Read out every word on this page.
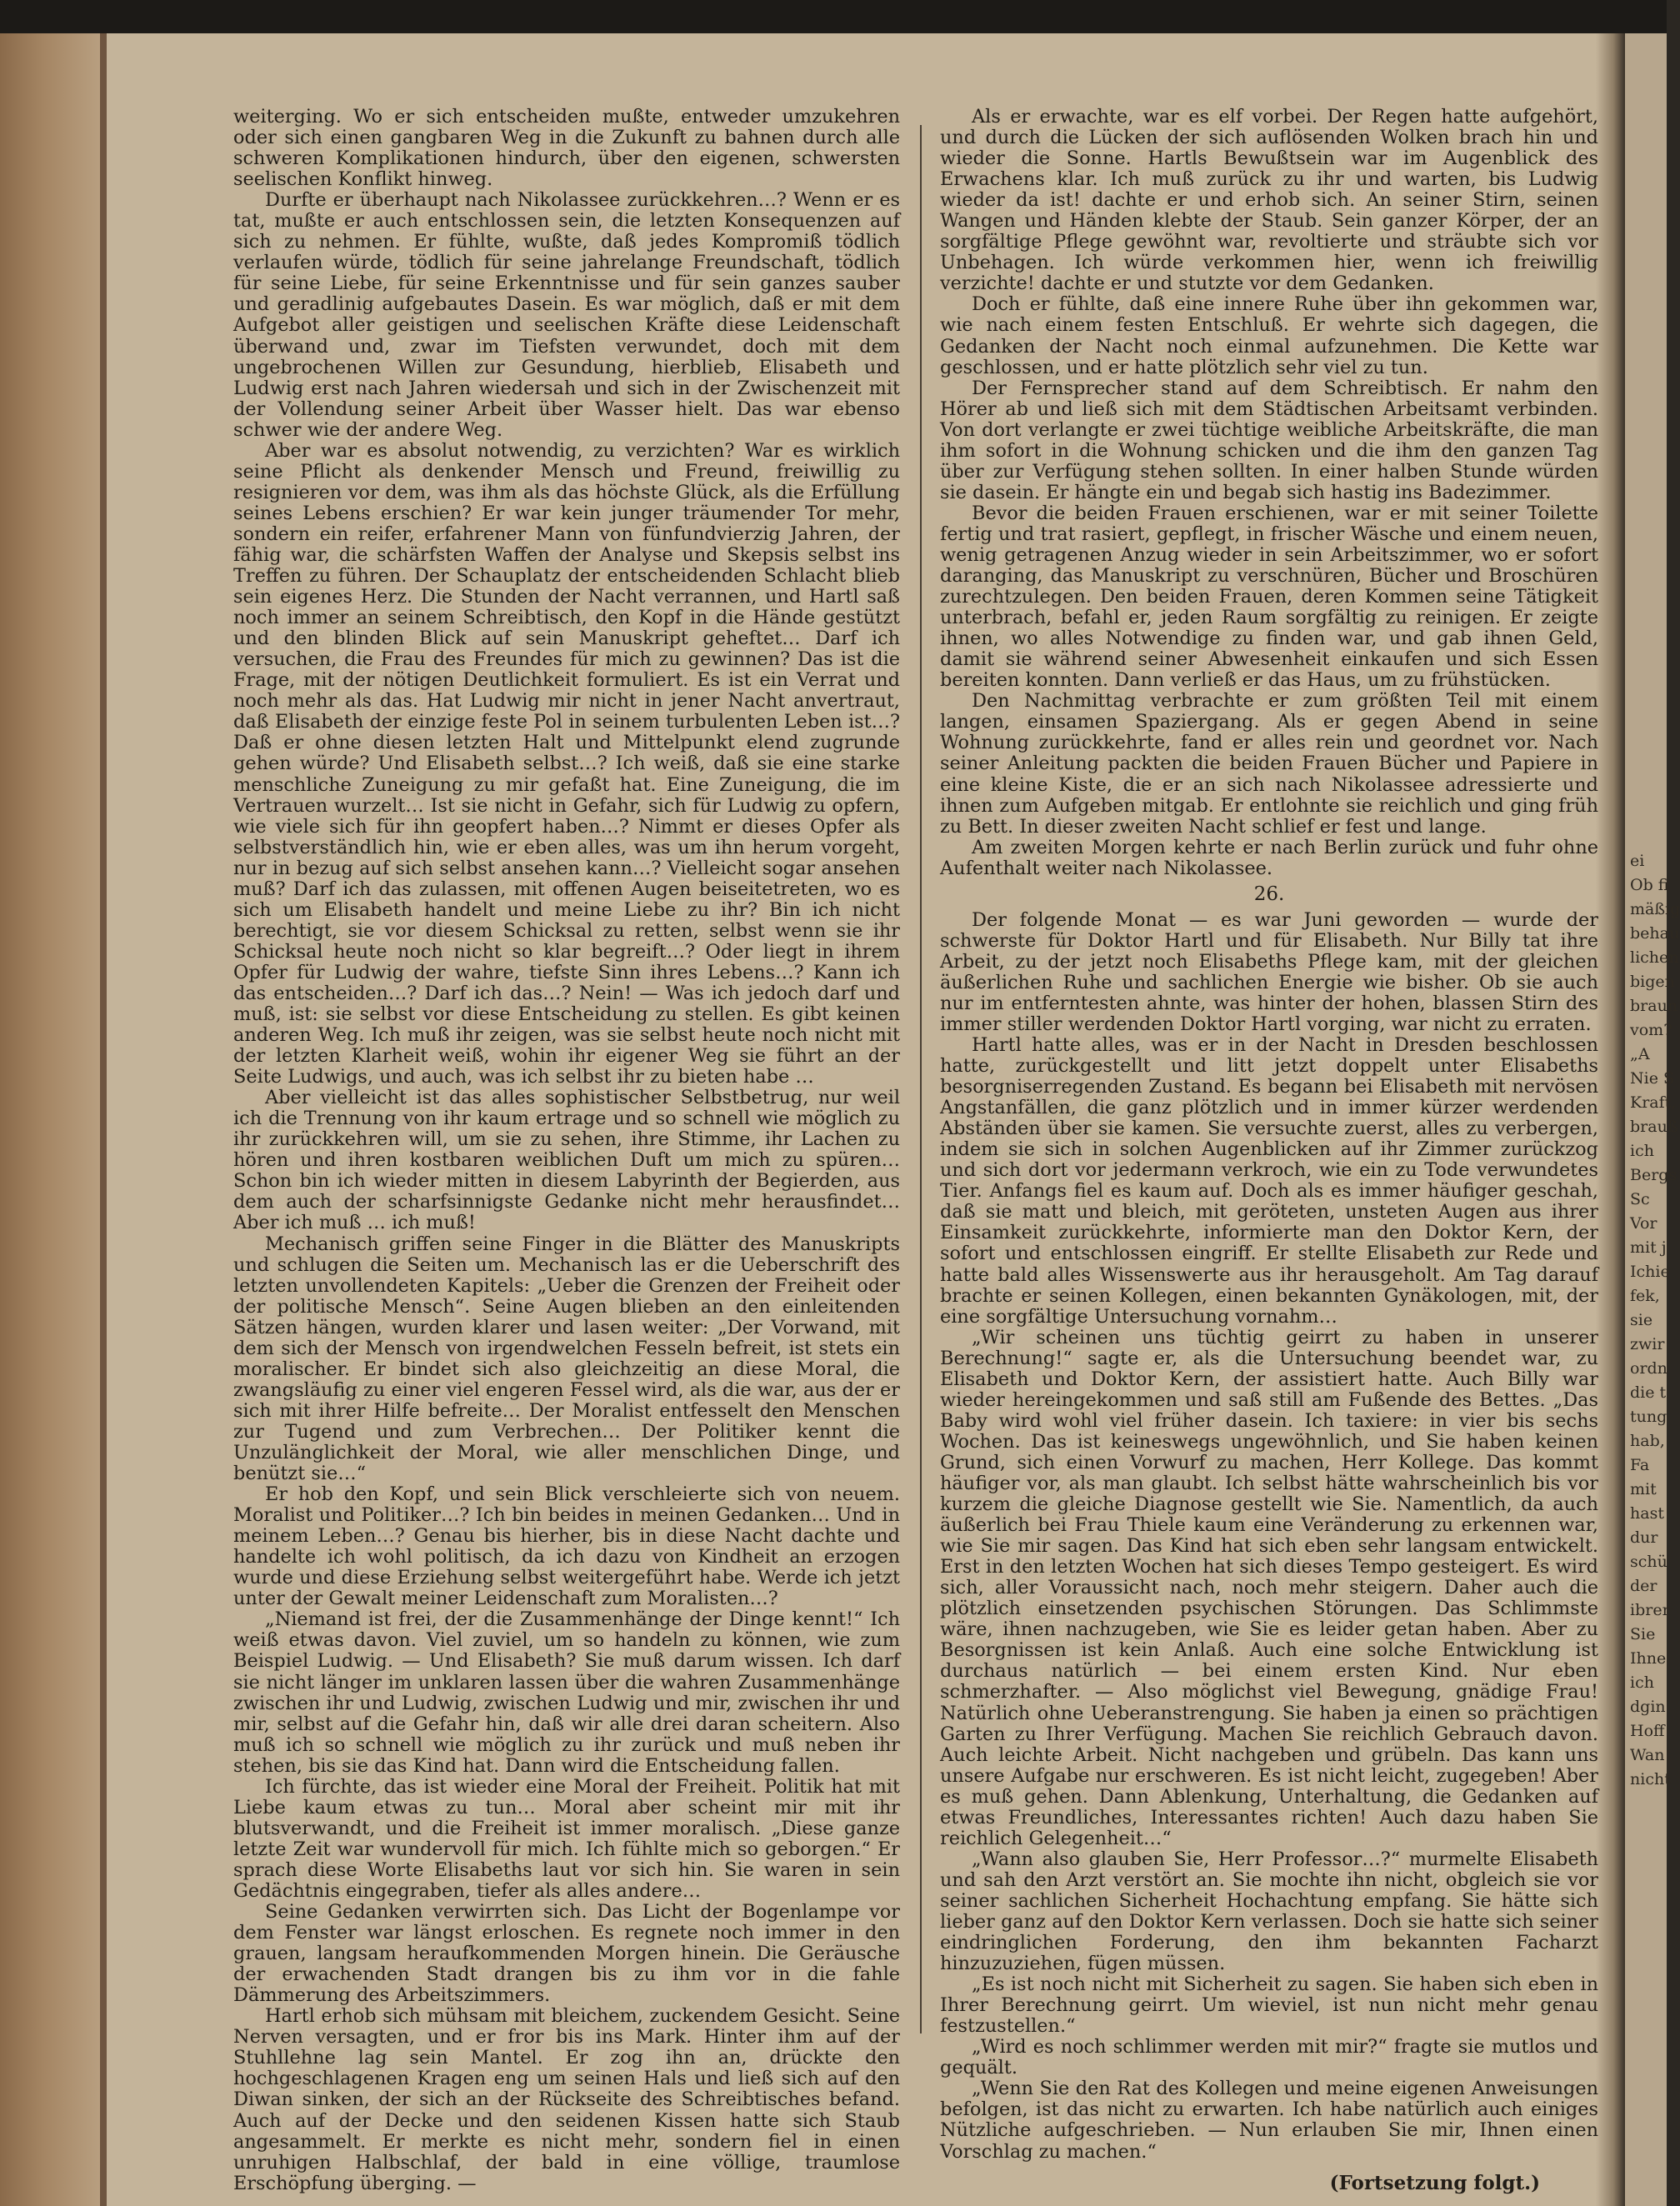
ei
Ob fi
mäßig
behau
lichen
bigen
braun
vom?
„A
Nie S
Kraft,
brauß
ich
Bergs
Sc
Vor
mit j
Ichie
fek,
sie
zwir
ordn
die t
tung
hab,
Fa
mit
hast
dur
schü
der
ibrer
Sie
Ihne
ich
dgin
Hoff
Wan
nicht

weiterging. Wo er sich entscheiden mußte, entweder umzukehren oder sich einen gangbaren Weg in die Zukunft zu bahnen durch alle schweren Komplikationen hindurch, über den eigenen, schwersten seelischen Konflikt hinweg.

Durfte er überhaupt nach Nikolassee zurückkehren…? Wenn er es tat, mußte er auch entschlossen sein, die letzten Konsequenzen auf sich zu nehmen. Er fühlte, wußte, daß jedes Kompromiß tödlich verlaufen würde, tödlich für seine jahrelange Freundschaft, tödlich für seine Liebe, für seine Erkenntnisse und für sein ganzes sauber und geradlinig aufgebautes Dasein. Es war möglich, daß er mit dem Aufgebot aller geistigen und seelischen Kräfte diese Leidenschaft überwand und, zwar im Tiefsten verwundet, doch mit dem ungebrochenen Willen zur Gesundung, hierblieb, Elisabeth und Ludwig erst nach Jahren wiedersah und sich in der Zwischenzeit mit der Vollendung seiner Arbeit über Wasser hielt. Das war ebenso schwer wie der andere Weg.

Aber war es absolut notwendig, zu verzichten? War es wirklich seine Pflicht als denkender Mensch und Freund, freiwillig zu resignieren vor dem, was ihm als das höchste Glück, als die Erfüllung seines Lebens erschien? Er war kein junger träumender Tor mehr, sondern ein reifer, erfahrener Mann von fünfundvierzig Jahren, der fähig war, die schärfsten Waffen der Analyse und Skepsis selbst ins Treffen zu führen. Der Schauplatz der entscheidenden Schlacht blieb sein eigenes Herz. Die Stunden der Nacht verrannen, und Hartl saß noch immer an seinem Schreibtisch, den Kopf in die Hände gestützt und den blinden Blick auf sein Manuskript geheftet… Darf ich versuchen, die Frau des Freundes für mich zu gewinnen? Das ist die Frage, mit der nötigen Deutlichkeit formuliert. Es ist ein Verrat und noch mehr als das. Hat Ludwig mir nicht in jener Nacht anvertraut, daß Elisabeth der einzige feste Pol in seinem turbulenten Leben ist…? Daß er ohne diesen letzten Halt und Mittelpunkt elend zugrunde gehen würde? Und Elisabeth selbst…? Ich weiß, daß sie eine starke menschliche Zuneigung zu mir gefaßt hat. Eine Zuneigung, die im Vertrauen wurzelt… Ist sie nicht in Gefahr, sich für Ludwig zu opfern, wie viele sich für ihn geopfert haben…? Nimmt er dieses Opfer als selbstverständlich hin, wie er eben alles, was um ihn herum vorgeht, nur in bezug auf sich selbst ansehen kann…? Vielleicht sogar ansehen muß? Darf ich das zulassen, mit offenen Augen beiseitetreten, wo es sich um Elisabeth handelt und meine Liebe zu ihr? Bin ich nicht berechtigt, sie vor diesem Schicksal zu retten, selbst wenn sie ihr Schicksal heute noch nicht so klar begreift…? Oder liegt in ihrem Opfer für Ludwig der wahre, tiefste Sinn ihres Lebens…? Kann ich das entscheiden…? Darf ich das…? Nein! — Was ich jedoch darf und muß, ist: sie selbst vor diese Entscheidung zu stellen. Es gibt keinen anderen Weg. Ich muß ihr zeigen, was sie selbst heute noch nicht mit der letzten Klarheit weiß, wohin ihr eigener Weg sie führt an der Seite Ludwigs, und auch, was ich selbst ihr zu bieten habe …

Aber vielleicht ist das alles sophistischer Selbstbetrug, nur weil ich die Trennung von ihr kaum ertrage und so schnell wie möglich zu ihr zurückkehren will, um sie zu sehen, ihre Stimme, ihr Lachen zu hören und ihren kostbaren weiblichen Duft um mich zu spüren… Schon bin ich wieder mitten in diesem Labyrinth der Begierden, aus dem auch der scharfsinnigste Gedanke nicht mehr herausfindet… Aber ich muß … ich muß!

Mechanisch griffen seine Finger in die Blätter des Manuskripts und schlugen die Seiten um. Mechanisch las er die Ueberschrift des letzten unvollendeten Kapitels: „Ueber die Grenzen der Freiheit oder der politische Mensch“. Seine Augen blieben an den einleitenden Sätzen hängen, wurden klarer und lasen weiter: „Der Vorwand, mit dem sich der Mensch von irgendwelchen Fesseln befreit, ist stets ein moralischer. Er bindet sich also gleichzeitig an diese Moral, die zwangsläufig zu einer viel engeren Fessel wird, als die war, aus der er sich mit ihrer Hilfe befreite… Der Moralist entfesselt den Menschen zur Tugend und zum Verbrechen… Der Politiker kennt die Unzulänglichkeit der Moral, wie aller menschlichen Dinge, und benützt sie…“

Er hob den Kopf, und sein Blick verschleierte sich von neuem. Moralist und Politiker…? Ich bin beides in meinen Gedanken… Und in meinem Leben…? Genau bis hierher, bis in diese Nacht dachte und handelte ich wohl politisch, da ich dazu von Kindheit an erzogen wurde und diese Erziehung selbst weitergeführt habe. Werde ich jetzt unter der Gewalt meiner Leidenschaft zum Moralisten…?

„Niemand ist frei, der die Zusammenhänge der Dinge kennt!“ Ich weiß etwas davon. Viel zuviel, um so handeln zu können, wie zum Beispiel Ludwig. — Und Elisabeth? Sie muß darum wissen. Ich darf sie nicht länger im unklaren lassen über die wahren Zusammenhänge zwischen ihr und Ludwig, zwischen Ludwig und mir, zwischen ihr und mir, selbst auf die Gefahr hin, daß wir alle drei daran scheitern. Also muß ich so schnell wie möglich zu ihr zurück und muß neben ihr stehen, bis sie das Kind hat. Dann wird die Entscheidung fallen.

Ich fürchte, das ist wieder eine Moral der Freiheit. Politik hat mit Liebe kaum etwas zu tun… Moral aber scheint mir mit ihr blutsverwandt, und die Freiheit ist immer moralisch. „Diese ganze letzte Zeit war wundervoll für mich. Ich fühlte mich so geborgen.“ Er sprach diese Worte Elisabeths laut vor sich hin. Sie waren in sein Gedächtnis eingegraben, tiefer als alles andere…

Seine Gedanken verwirrten sich. Das Licht der Bogenlampe vor dem Fenster war längst erloschen. Es regnete noch immer in den grauen, langsam heraufkommenden Morgen hinein. Die Geräusche der erwachenden Stadt drangen bis zu ihm vor in die fahle Dämmerung des Arbeitszimmers.

Hartl erhob sich mühsam mit bleichem, zuckendem Gesicht. Seine Nerven versagten, und er fror bis ins Mark. Hinter ihm auf der Stuhllehne lag sein Mantel. Er zog ihn an, drückte den hochgeschlagenen Kragen eng um seinen Hals und ließ sich auf den Diwan sinken, der sich an der Rückseite des Schreibtisches befand. Auch auf der Decke und den seidenen Kissen hatte sich Staub angesammelt. Er merkte es nicht mehr, sondern fiel in einen unruhigen Halbschlaf, der bald in eine völlige, traumlose Erschöpfung überging. —

Als er erwachte, war es elf vorbei. Der Regen hatte aufgehört, und durch die Lücken der sich auflösenden Wolken brach hin und wieder die Sonne. Hartls Bewußtsein war im Augenblick des Erwachens klar. Ich muß zurück zu ihr und warten, bis Ludwig wieder da ist! dachte er und erhob sich. An seiner Stirn, seinen Wangen und Händen klebte der Staub. Sein ganzer Körper, der an sorgfältige Pflege gewöhnt war, revoltierte und sträubte sich vor Unbehagen. Ich würde verkommen hier, wenn ich freiwillig verzichte! dachte er und stutzte vor dem Gedanken.

Doch er fühlte, daß eine innere Ruhe über ihn gekommen war, wie nach einem festen Entschluß. Er wehrte sich dagegen, die Gedanken der Nacht noch einmal aufzunehmen. Die Kette war geschlossen, und er hatte plötzlich sehr viel zu tun.

Der Fernsprecher stand auf dem Schreibtisch. Er nahm den Hörer ab und ließ sich mit dem Städtischen Arbeitsamt verbinden. Von dort verlangte er zwei tüchtige weibliche Arbeitskräfte, die man ihm sofort in die Wohnung schicken und die ihm den ganzen Tag über zur Verfügung stehen sollten. In einer halben Stunde würden sie dasein. Er hängte ein und begab sich hastig ins Badezimmer.

Bevor die beiden Frauen erschienen, war er mit seiner Toilette fertig und trat rasiert, gepflegt, in frischer Wäsche und einem neuen, wenig getragenen Anzug wieder in sein Arbeitszimmer, wo er sofort daranging, das Manuskript zu verschnüren, Bücher und Broschüren zurechtzulegen. Den beiden Frauen, deren Kommen seine Tätigkeit unterbrach, befahl er, jeden Raum sorgfältig zu reinigen. Er zeigte ihnen, wo alles Notwendige zu finden war, und gab ihnen Geld, damit sie während seiner Abwesenheit einkaufen und sich Essen bereiten konnten. Dann verließ er das Haus, um zu frühstücken.

Den Nachmittag verbrachte er zum größten Teil mit einem langen, einsamen Spaziergang. Als er gegen Abend in seine Wohnung zurückkehrte, fand er alles rein und geordnet vor. Nach seiner Anleitung packten die beiden Frauen Bücher und Papiere in eine kleine Kiste, die er an sich nach Nikolassee adressierte und ihnen zum Aufgeben mitgab. Er entlohnte sie reichlich und ging früh zu Bett. In dieser zweiten Nacht schlief er fest und lange.

Am zweiten Morgen kehrte er nach Berlin zurück und fuhr ohne Aufenthalt weiter nach Nikolassee.

26.

Der folgende Monat — es war Juni geworden — wurde der schwerste für Doktor Hartl und für Elisabeth. Nur Billy tat ihre Arbeit, zu der jetzt noch Elisabeths Pflege kam, mit der gleichen äußerlichen Ruhe und sachlichen Energie wie bisher. Ob sie auch nur im entferntesten ahnte, was hinter der hohen, blassen Stirn des immer stiller werdenden Doktor Hartl vorging, war nicht zu erraten.

Hartl hatte alles, was er in der Nacht in Dresden beschlossen hatte, zurückgestellt und litt jetzt doppelt unter Elisabeths besorgniserregenden Zustand. Es begann bei Elisabeth mit nervösen Angstanfällen, die ganz plötzlich und in immer kürzer werdenden Abständen über sie kamen. Sie versuchte zuerst, alles zu verbergen, indem sie sich in solchen Augenblicken auf ihr Zimmer zurückzog und sich dort vor jedermann verkroch, wie ein zu Tode verwundetes Tier. Anfangs fiel es kaum auf. Doch als es immer häufiger geschah, daß sie matt und bleich, mit geröteten, unsteten Augen aus ihrer Einsamkeit zurückkehrte, informierte man den Doktor Kern, der sofort und entschlossen eingriff. Er stellte Elisabeth zur Rede und hatte bald alles Wissenswerte aus ihr herausgeholt. Am Tag darauf brachte er seinen Kollegen, einen bekannten Gynäkologen, mit, der eine sorgfältige Untersuchung vornahm…

„Wir scheinen uns tüchtig geirrt zu haben in unserer Berechnung!“ sagte er, als die Untersuchung beendet war, zu Elisabeth und Doktor Kern, der assistiert hatte. Auch Billy war wieder hereingekommen und saß still am Fußende des Bettes. „Das Baby wird wohl viel früher dasein. Ich taxiere: in vier bis sechs Wochen. Das ist keineswegs ungewöhnlich, und Sie haben keinen Grund, sich einen Vorwurf zu machen, Herr Kollege. Das kommt häufiger vor, als man glaubt. Ich selbst hätte wahrscheinlich bis vor kurzem die gleiche Diagnose gestellt wie Sie. Namentlich, da auch äußerlich bei Frau Thiele kaum eine Veränderung zu erkennen war, wie Sie mir sagen. Das Kind hat sich eben sehr langsam entwickelt. Erst in den letzten Wochen hat sich dieses Tempo gesteigert. Es wird sich, aller Voraussicht nach, noch mehr steigern. Daher auch die plötzlich einsetzenden psychischen Störungen. Das Schlimmste wäre, ihnen nachzugeben, wie Sie es leider getan haben. Aber zu Besorgnissen ist kein Anlaß. Auch eine solche Entwicklung ist durchaus natürlich — bei einem ersten Kind. Nur eben schmerzhafter. — Also möglichst viel Bewegung, gnädige Frau! Natürlich ohne Ueberanstrengung. Sie haben ja einen so prächtigen Garten zu Ihrer Verfügung. Machen Sie reichlich Gebrauch davon. Auch leichte Arbeit. Nicht nachgeben und grübeln. Das kann uns unsere Aufgabe nur erschweren. Es ist nicht leicht, zugegeben! Aber es muß gehen. Dann Ablenkung, Unterhaltung, die Gedanken auf etwas Freundliches, Interessantes richten! Auch dazu haben Sie reichlich Gelegenheit…“

„Wann also glauben Sie, Herr Professor…?“ murmelte Elisabeth und sah den Arzt verstört an. Sie mochte ihn nicht, obgleich sie vor seiner sachlichen Sicherheit Hochachtung empfang. Sie hätte sich lieber ganz auf den Doktor Kern verlassen. Doch sie hatte sich seiner eindringlichen Forderung, den ihm bekannten Facharzt hinzuzuziehen, fügen müssen.

„Es ist noch nicht mit Sicherheit zu sagen. Sie haben sich eben in Ihrer Berechnung geirrt. Um wieviel, ist nun nicht mehr genau festzustellen.“

„Wird es noch schlimmer werden mit mir?“ fragte sie mutlos und gequält.

„Wenn Sie den Rat des Kollegen und meine eigenen Anweisungen befolgen, ist das nicht zu erwarten. Ich habe natürlich auch einiges Nützliche aufgeschrieben. — Nun erlauben Sie mir, Ihnen einen Vorschlag zu machen.“

(Fortsetzung folgt.)
